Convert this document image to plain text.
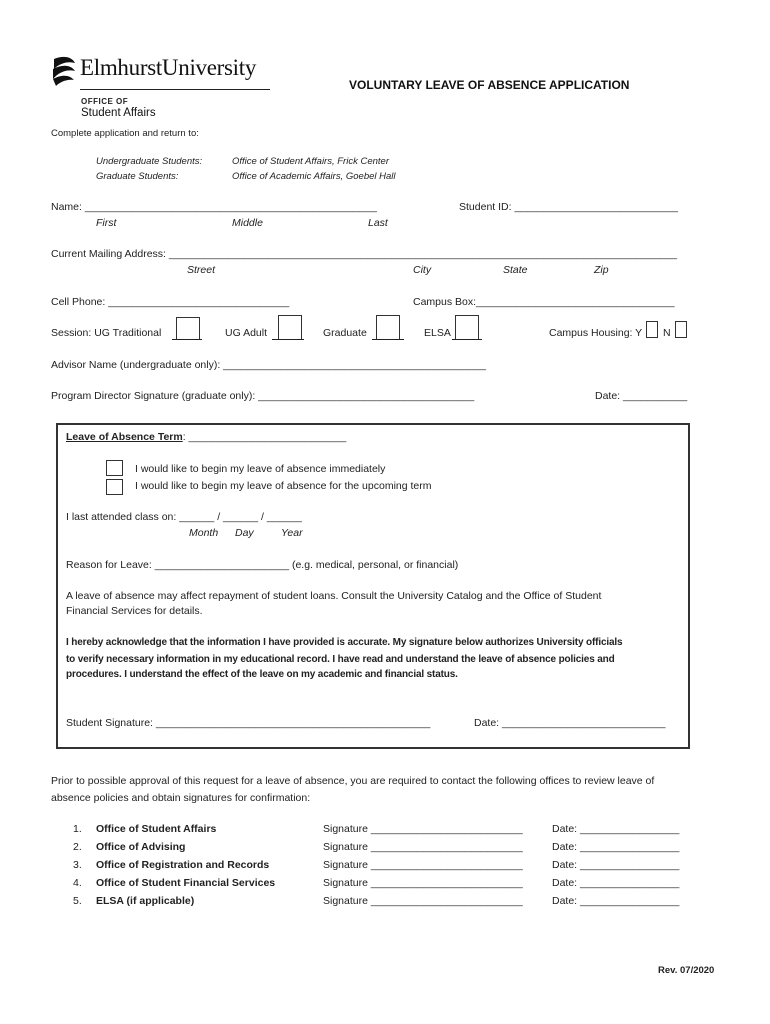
ElmhurstUniversity
OFFICE OF
Student Affairs
VOLUNTARY LEAVE OF ABSENCE APPLICATION
Complete application and return to:
Undergraduate Students:	Office of Student Affairs, Frick Center
Graduate Students:	Office of Academic Affairs, Goebel Hall
Name: __________________________________________________
First	Middle	Last
Student ID: ____________________________
Current Mailing Address: _______________________________________________________________________________________
Street	City	State	Zip
Cell Phone: _______________________________	Campus Box:__________________________________
Session: UG Traditional	UG Adult	Graduate	ELSA	Campus Housing: Y N
Advisor Name (undergraduate only): _____________________________________________
Program Director Signature (graduate only): _____________________________________	Date: ___________
Leave of Absence Term: ___________________________
I would like to begin my leave of absence immediately
I would like to begin my leave of absence for the upcoming term
I last attended class on: ______ / ______ / ______
Month Day	Year
Reason for Leave: _______________________ (e.g. medical, personal, or financial)
A leave of absence may affect repayment of student loans. Consult the University Catalog and the Office of Student
Financial Services for details.
I hereby acknowledge that the information I have provided is accurate. My signature below authorizes University officials
to verify necessary information in my educational record. I have read and understand the leave of absence policies and
procedures. I understand the effect of the leave on my academic and financial status.
Student Signature: _______________________________________________	Date: ____________________________
Prior to possible approval of this request for a leave of absence, you are required to contact the following offices to review leave of
absence policies and obtain signatures for confirmation:
1. Office of Student Affairs	Signature __________________________	Date: _________________
2. Office of Advising	Signature __________________________	Date: _________________
3. Office of Registration and Records	Signature __________________________	Date: _________________
4. Office of Student Financial Services	Signature __________________________	Date: _________________
5. ELSA (if applicable)	Signature __________________________	Date: _________________
Rev. 07/2020
